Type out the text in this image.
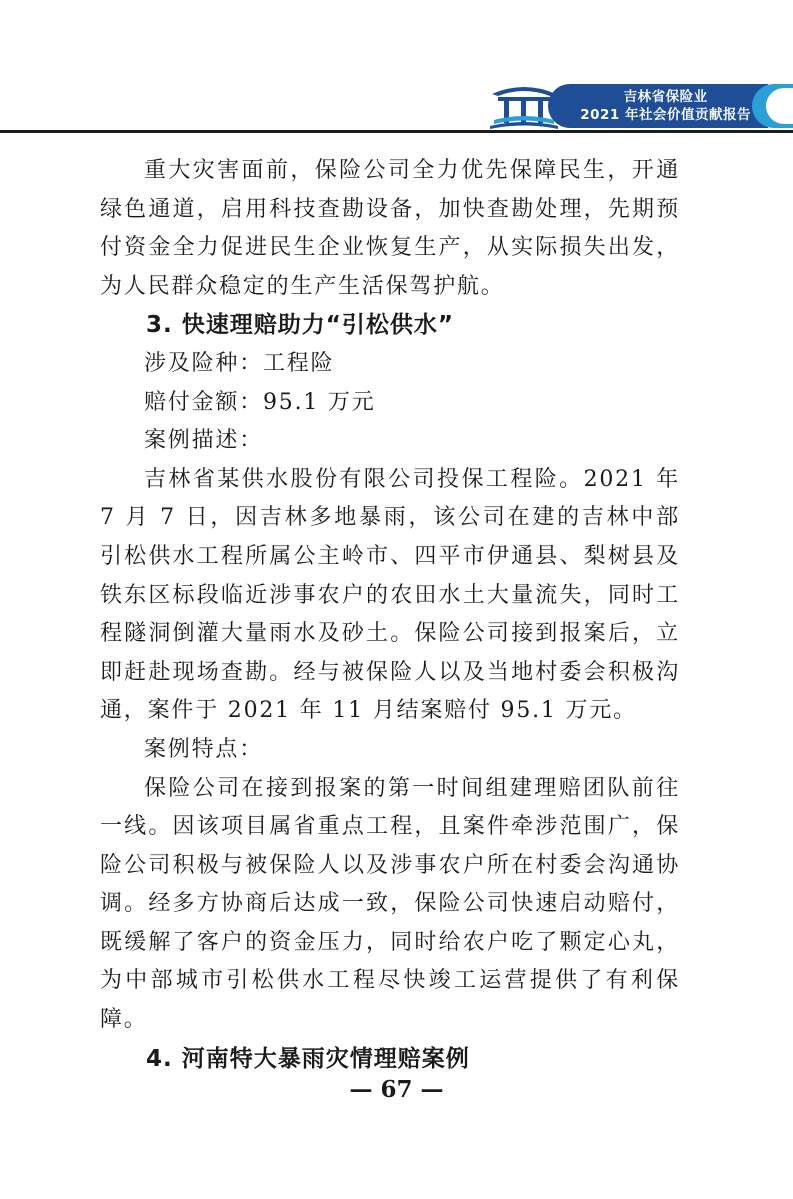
吉林省保险业
2021 年社会价值贡献报告

重大灾害面前，保险公司全力优先保障民生，开通绿色通道，启用科技查勘设备，加快查勘处理，先期预付资金全力促进民生企业恢复生产，从实际损失出发，为人民群众稳定的生产生活保驾护航。

3. 快速理赔助力“引松供水”

涉及险种：工程险

赔付金额：95.1 万元

案例描述：

吉林省某供水股份有限公司投保工程险。2021 年 7 月 7 日，因吉林多地暴雨，该公司在建的吉林中部引松供水工程所属公主岭市、四平市伊通县、梨树县及铁东区标段临近涉事农户的农田水土大量流失，同时工程隧洞倒灌大量雨水及砂土。保险公司接到报案后，立即赶赴现场查勘。经与被保险人以及当地村委会积极沟通，案件于 2021 年 11 月结案赔付 95.1 万元。

案例特点：

保险公司在接到报案的第一时间组建理赔团队前往一线。因该项目属省重点工程，且案件牵涉范围广，保险公司积极与被保险人以及涉事农户所在村委会沟通协调。经多方协商后达成一致，保险公司快速启动赔付，既缓解了客户的资金压力，同时给农户吃了颗定心丸，为中部城市引松供水工程尽快竣工运营提供了有利保障。

4. 河南特大暴雨灾情理赔案例

— 67 —
